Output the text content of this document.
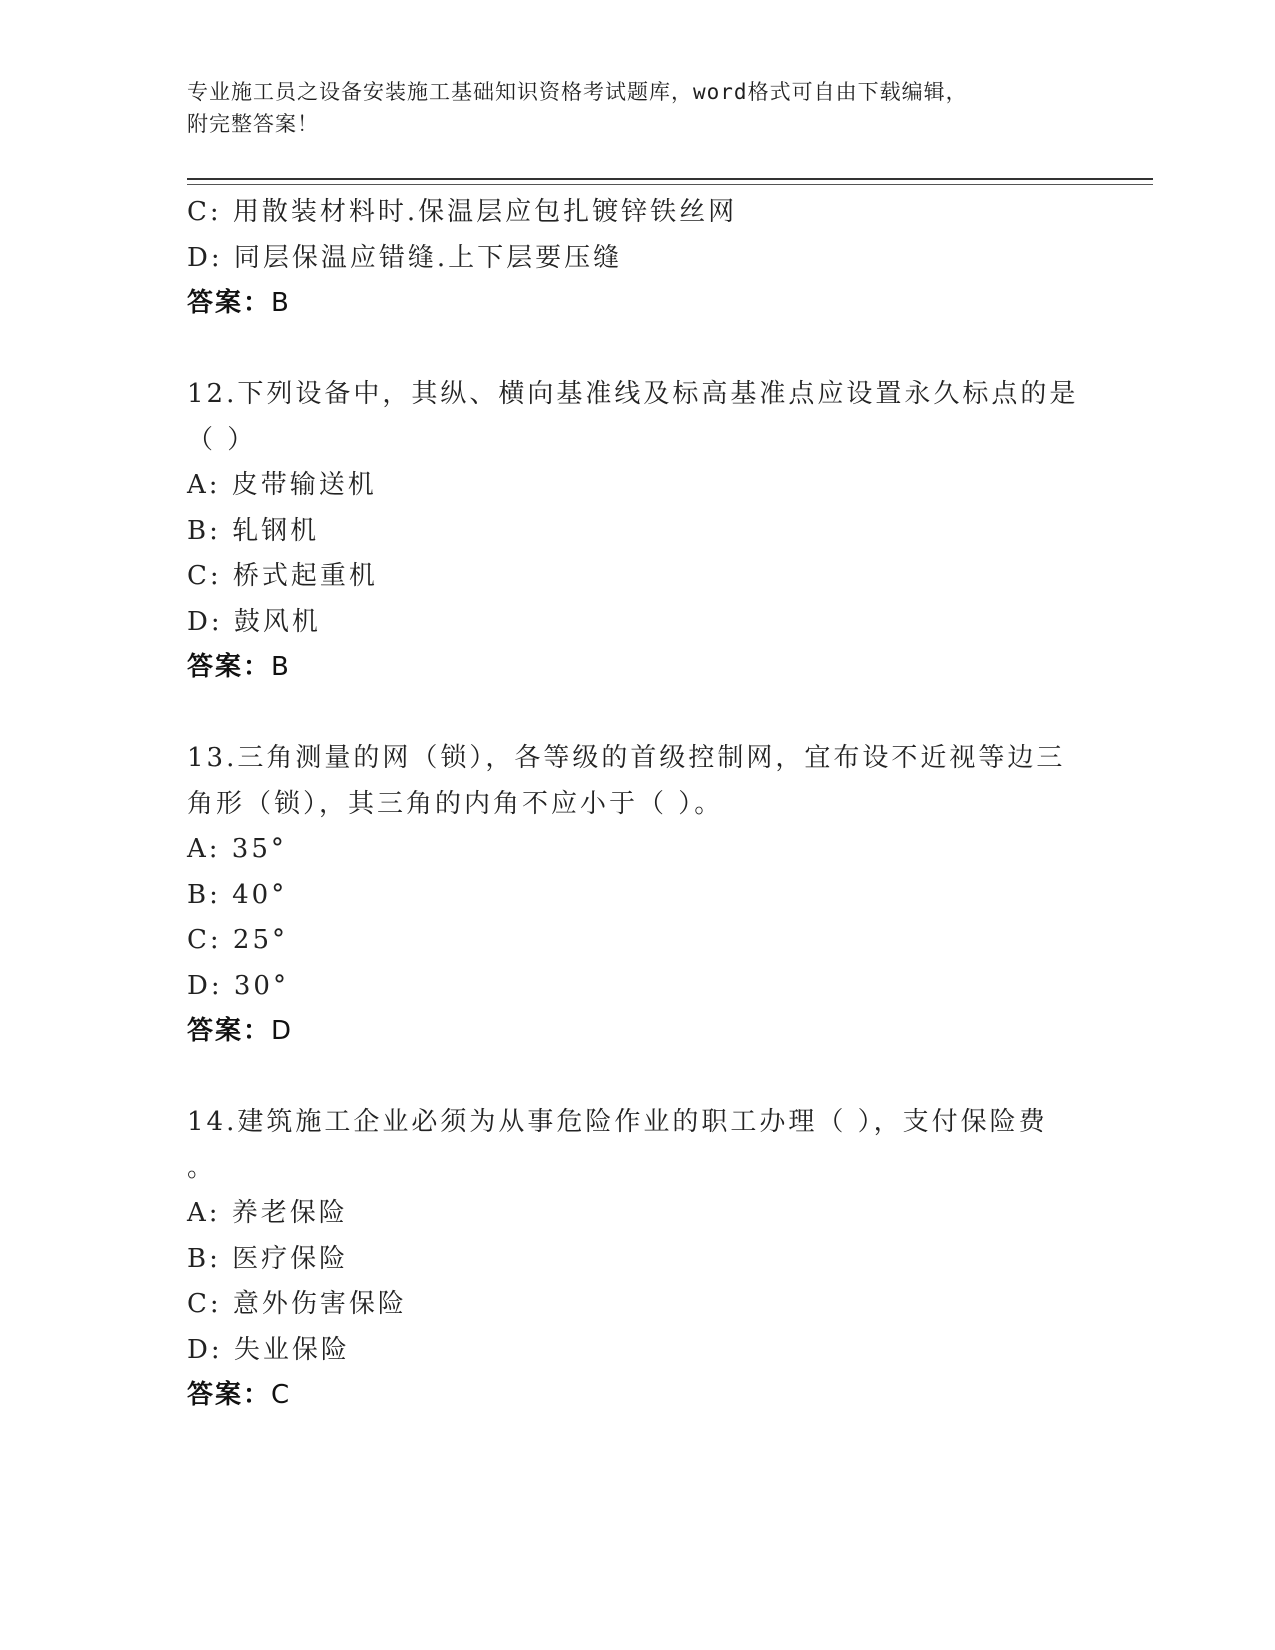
专业施工员之设备安装施工基础知识资格考试题库，word格式可自由下载编辑，
附完整答案！
C: 用散装材料时.保温层应包扎镀锌铁丝网
D: 同层保温应错缝.上下层要压缝
答案：B
12.下列设备中，其纵、横向基准线及标高基准点应设置永久标点的是
（ ）
A: 皮带输送机
B: 轧钢机
C: 桥式起重机
D: 鼓风机
答案：B
13.三角测量的网（锁），各等级的首级控制网，宜布设不近视等边三
角形（锁），其三角的内角不应小于（ ）。
A: 35°
B: 40°
C: 25°
D: 30°
答案：D
14.建筑施工企业必须为从事危险作业的职工办理（ ），支付保险费
。
A: 养老保险
B: 医疗保险
C: 意外伤害保险
D: 失业保险
答案：C
